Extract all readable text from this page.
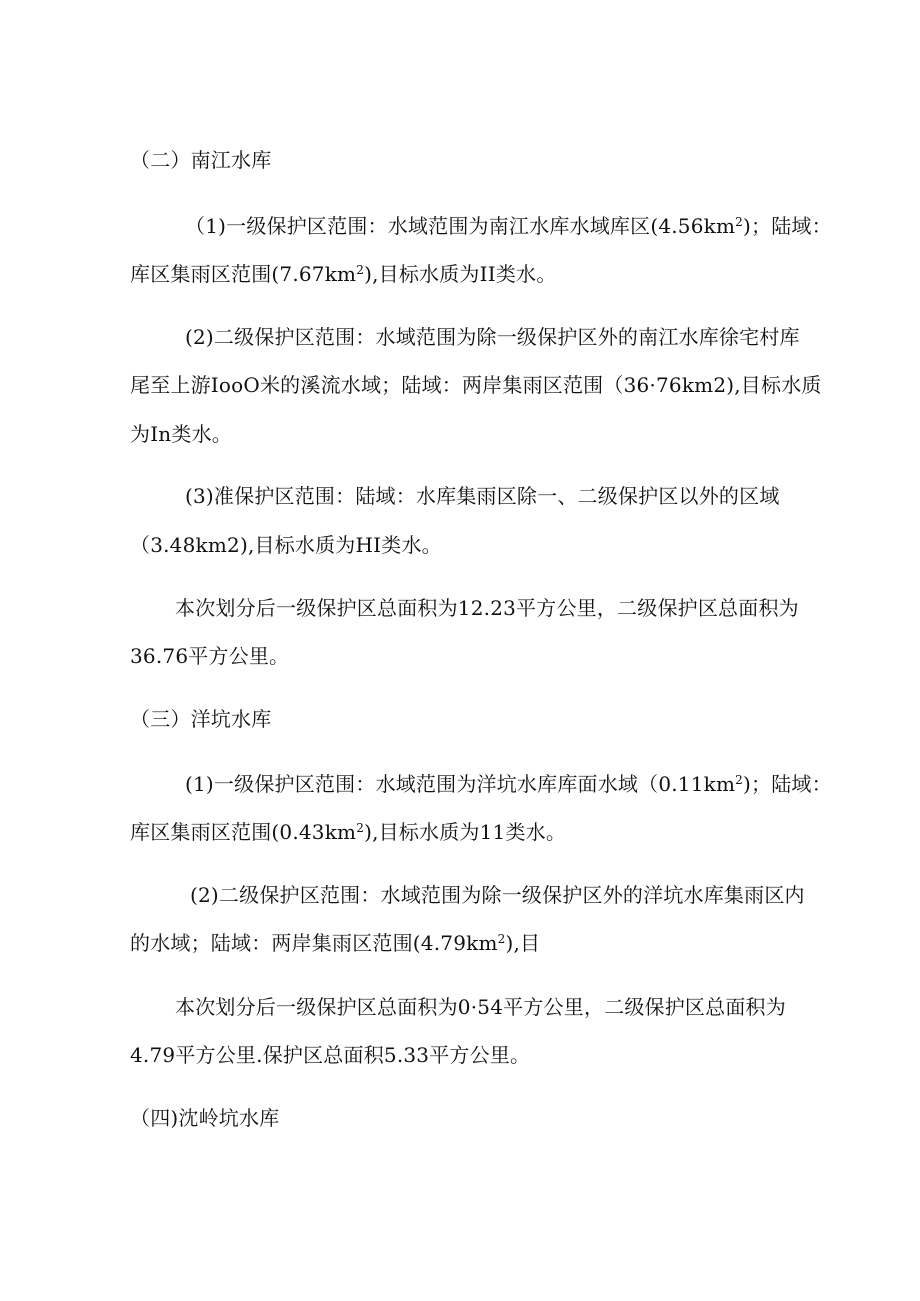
（二）南江水库
（1)一级保护区范围：水域范围为南江水库水域库区$(4.56km^2)$；陆域：
库区集雨区范围$(7.67km^2)$,目标水质为II类水。
(2)二级保护区范围：水域范围为除一级保护区外的南江水库徐宅村库
尾至上游IooO米的溪流水域；陆域：两岸集雨区范围（36·76km2),目标水质
为In类水。
(3)准保护区范围：陆域：水库集雨区除一、二级保护区以外的区域
（3.48km2),目标水质为HI类水。
本次划分后一级保护区总面积为12.23平方公里，二级保护区总面积为
36.76平方公里。
（三）洋坑水库
(1)一级保护区范围：水域范围为洋坑水库库面水域$(0.11km^2)$；陆域：
库区集雨区范围$(0.43km^2)$,目标水质为11类水。
(2)二级保护区范围：水域范围为除一级保护区外的洋坑水库集雨区内
的水域；陆域：两岸集雨区范围$(4.79km^2)$,目
本次划分后一级保护区总面积为0·54平方公里，二级保护区总面积为
4.79平方公里.保护区总面积5.33平方公里。
（四)沈岭坑水库
